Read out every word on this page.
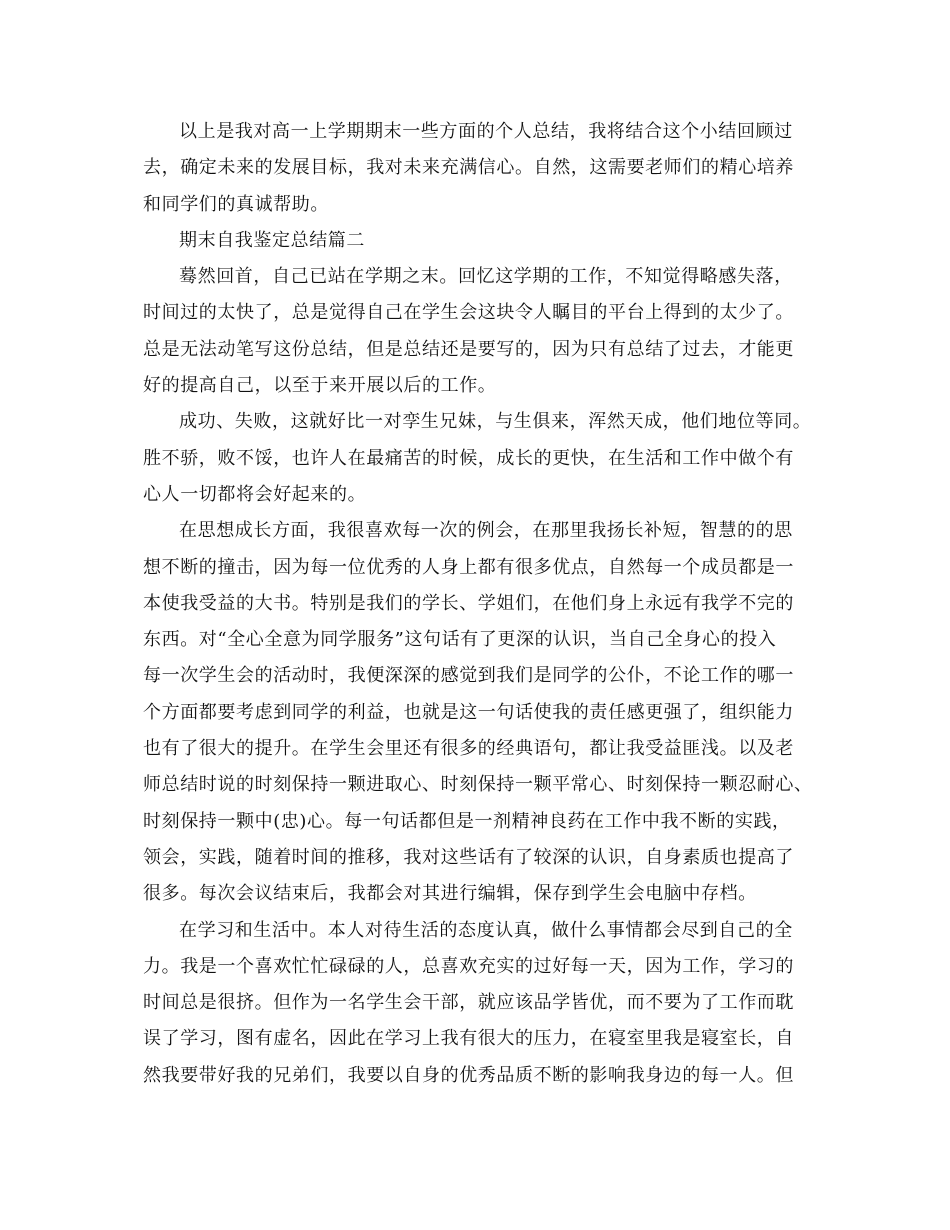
以上是我对高一上学期期末一些方面的个人总结，我将结合这个小结回顾过
去，确定未来的发展目标，我对未来充满信心。自然，这需要老师们的精心培养
和同学们的真诚帮助。
期末自我鉴定总结篇二
蓦然回首，自己已站在学期之末。回忆这学期的工作，不知觉得略感失落，
时间过的太快了，总是觉得自己在学生会这块令人瞩目的平台上得到的太少了。
总是无法动笔写这份总结，但是总结还是要写的，因为只有总结了过去，才能更
好的提高自己，以至于来开展以后的工作。
成功、失败，这就好比一对孪生兄妹，与生俱来，浑然天成，他们地位等同。
胜不骄，败不馁，也许人在最痛苦的时候，成长的更快，在生活和工作中做个有
心人一切都将会好起来的。
在思想成长方面，我很喜欢每一次的例会，在那里我扬长补短，智慧的的思
想不断的撞击，因为每一位优秀的人身上都有很多优点，自然每一个成员都是一
本使我受益的大书。特别是我们的学长、学姐们，在他们身上永远有我学不完的
东西。对“全心全意为同学服务”这句话有了更深的认识，当自己全身心的投入
每一次学生会的活动时，我便深深的感觉到我们是同学的公仆，不论工作的哪一
个方面都要考虑到同学的利益，也就是这一句话使我的责任感更强了，组织能力
也有了很大的提升。在学生会里还有很多的经典语句，都让我受益匪浅。以及老
师总结时说的时刻保持一颗进取心、时刻保持一颗平常心、时刻保持一颗忍耐心、
时刻保持一颗中(忠)心。每一句话都但是一剂精神良药在工作中我不断的实践，
领会，实践，随着时间的推移，我对这些话有了较深的认识，自身素质也提高了
很多。每次会议结束后，我都会对其进行编辑，保存到学生会电脑中存档。
在学习和生活中。本人对待生活的态度认真，做什么事情都会尽到自己的全
力。我是一个喜欢忙忙碌碌的人，总喜欢充实的过好每一天，因为工作，学习的
时间总是很挤。但作为一名学生会干部，就应该品学皆优，而不要为了工作而耽
误了学习，图有虚名，因此在学习上我有很大的压力，在寝室里我是寝室长，自
然我要带好我的兄弟们，我要以自身的优秀品质不断的影响我身边的每一人。但
